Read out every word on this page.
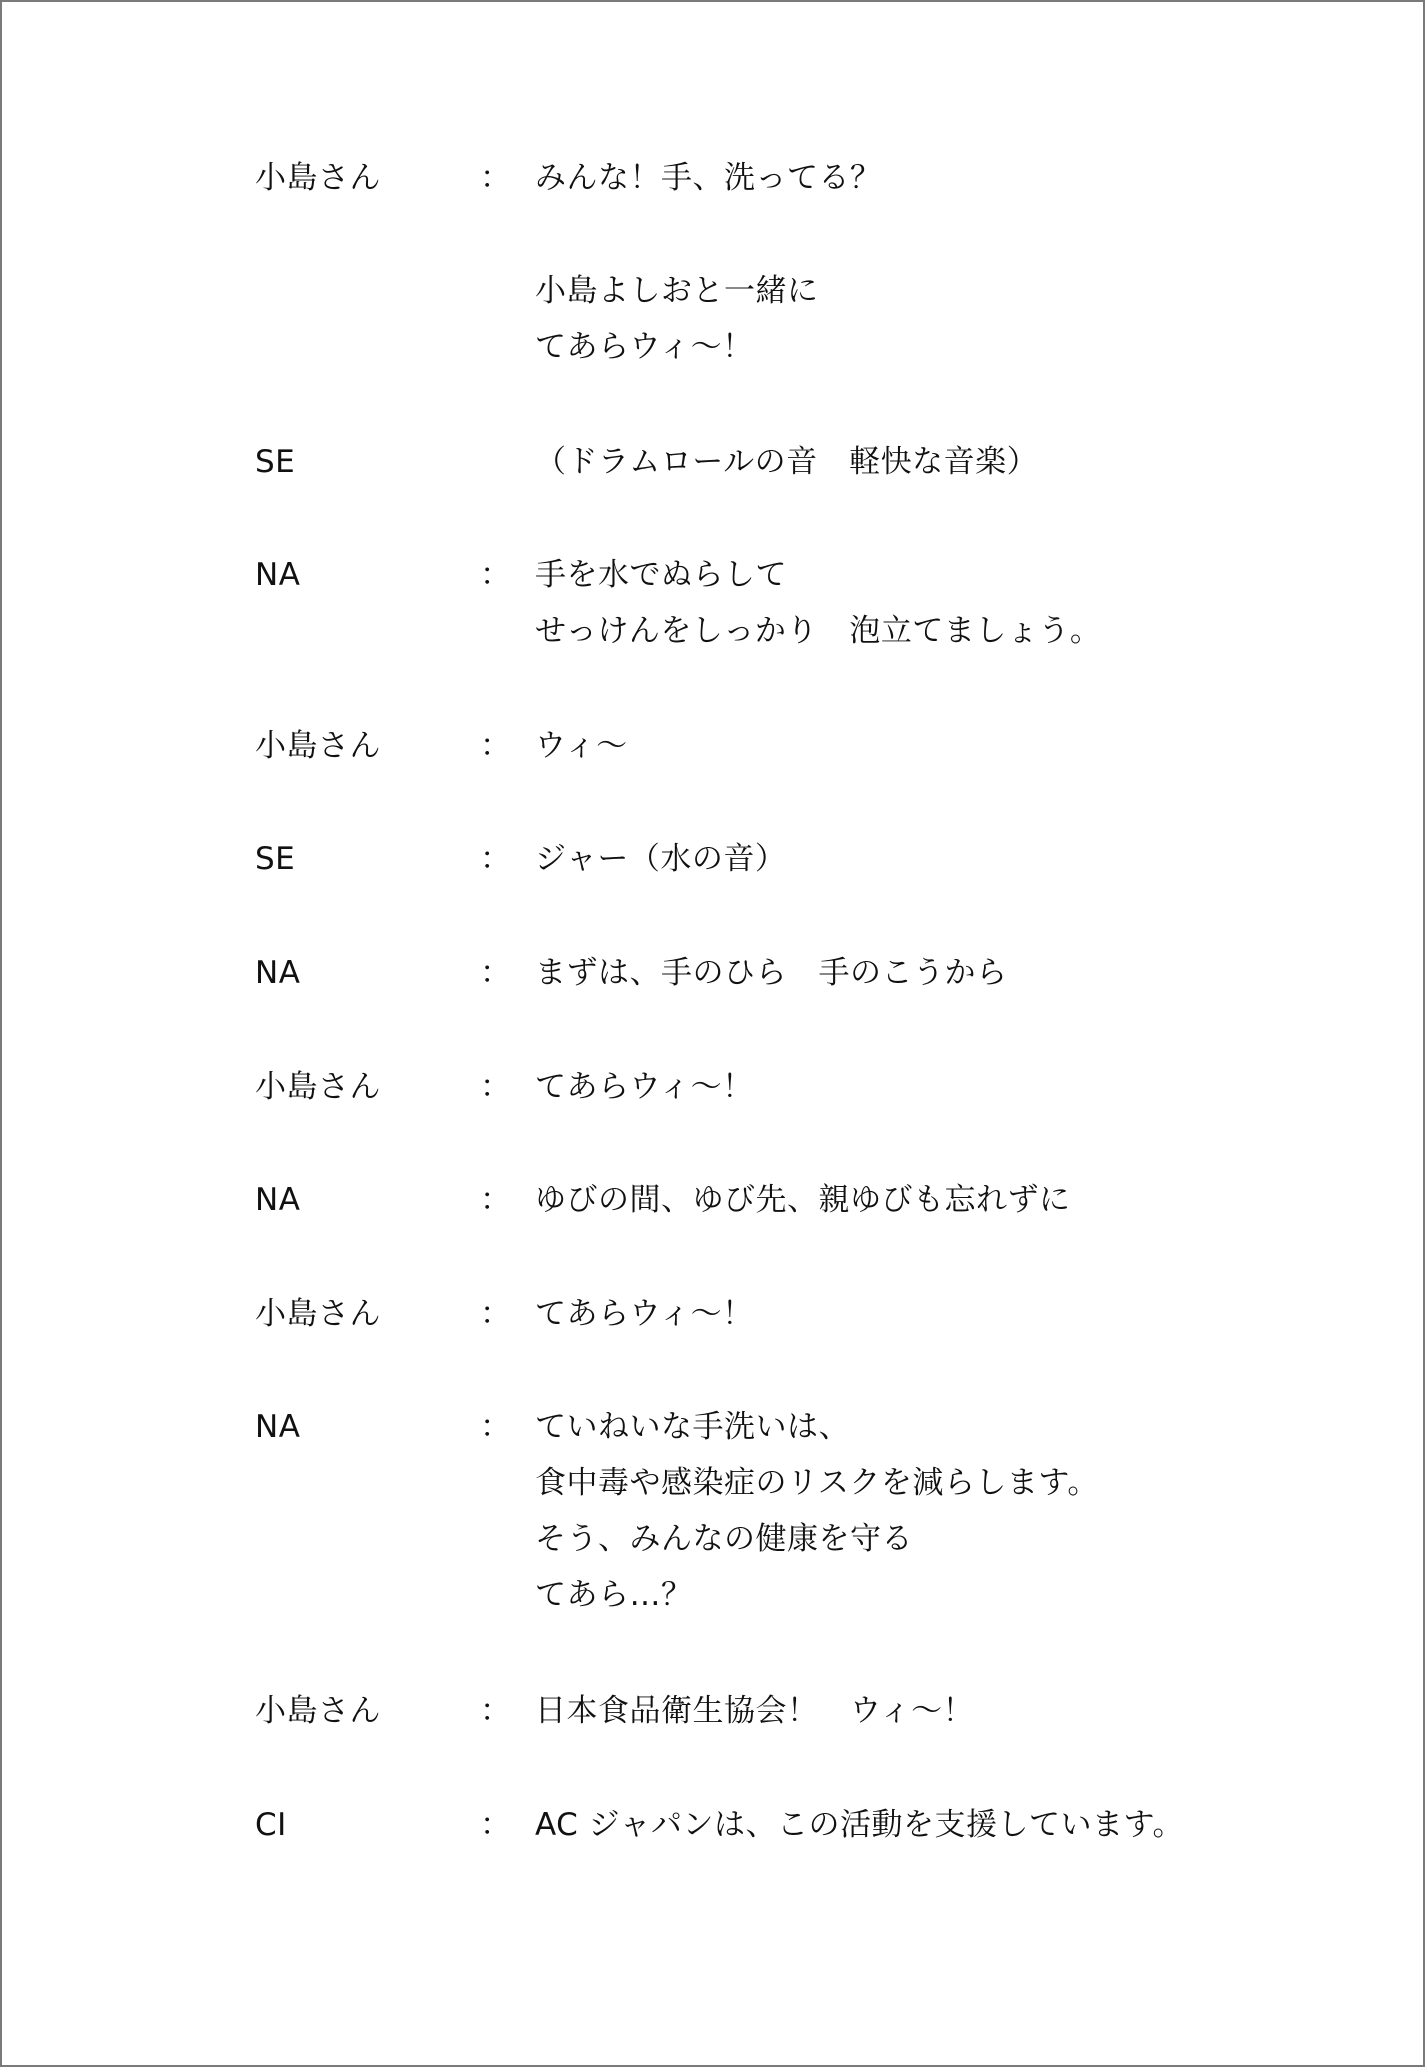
小島さん	： みんな！手、洗ってる？
小島よしおと一緒に
てあらウィ～！
SE	（ドラムロールの音　軽快な音楽）
NA	： 手を水でぬらして
せっけんをしっかり　泡立てましょう。
小島さん	： ウィ～
SE	： ジャー（水の音）
NA	： まずは、手のひら　手のこうから
小島さん	： てあらウィ～！
NA	： ゆびの間、ゆび先、親ゆびも忘れずに
小島さん	： てあらウィ～！
NA	： ていねいな手洗いは、
食中毒や感染症のリスクを減らします。
そう、みんなの健康を守る
てあら…？
小島さん	： 日本食品衛生協会！　ウィ～！
CI	： AC ジャパンは、この活動を支援しています。
